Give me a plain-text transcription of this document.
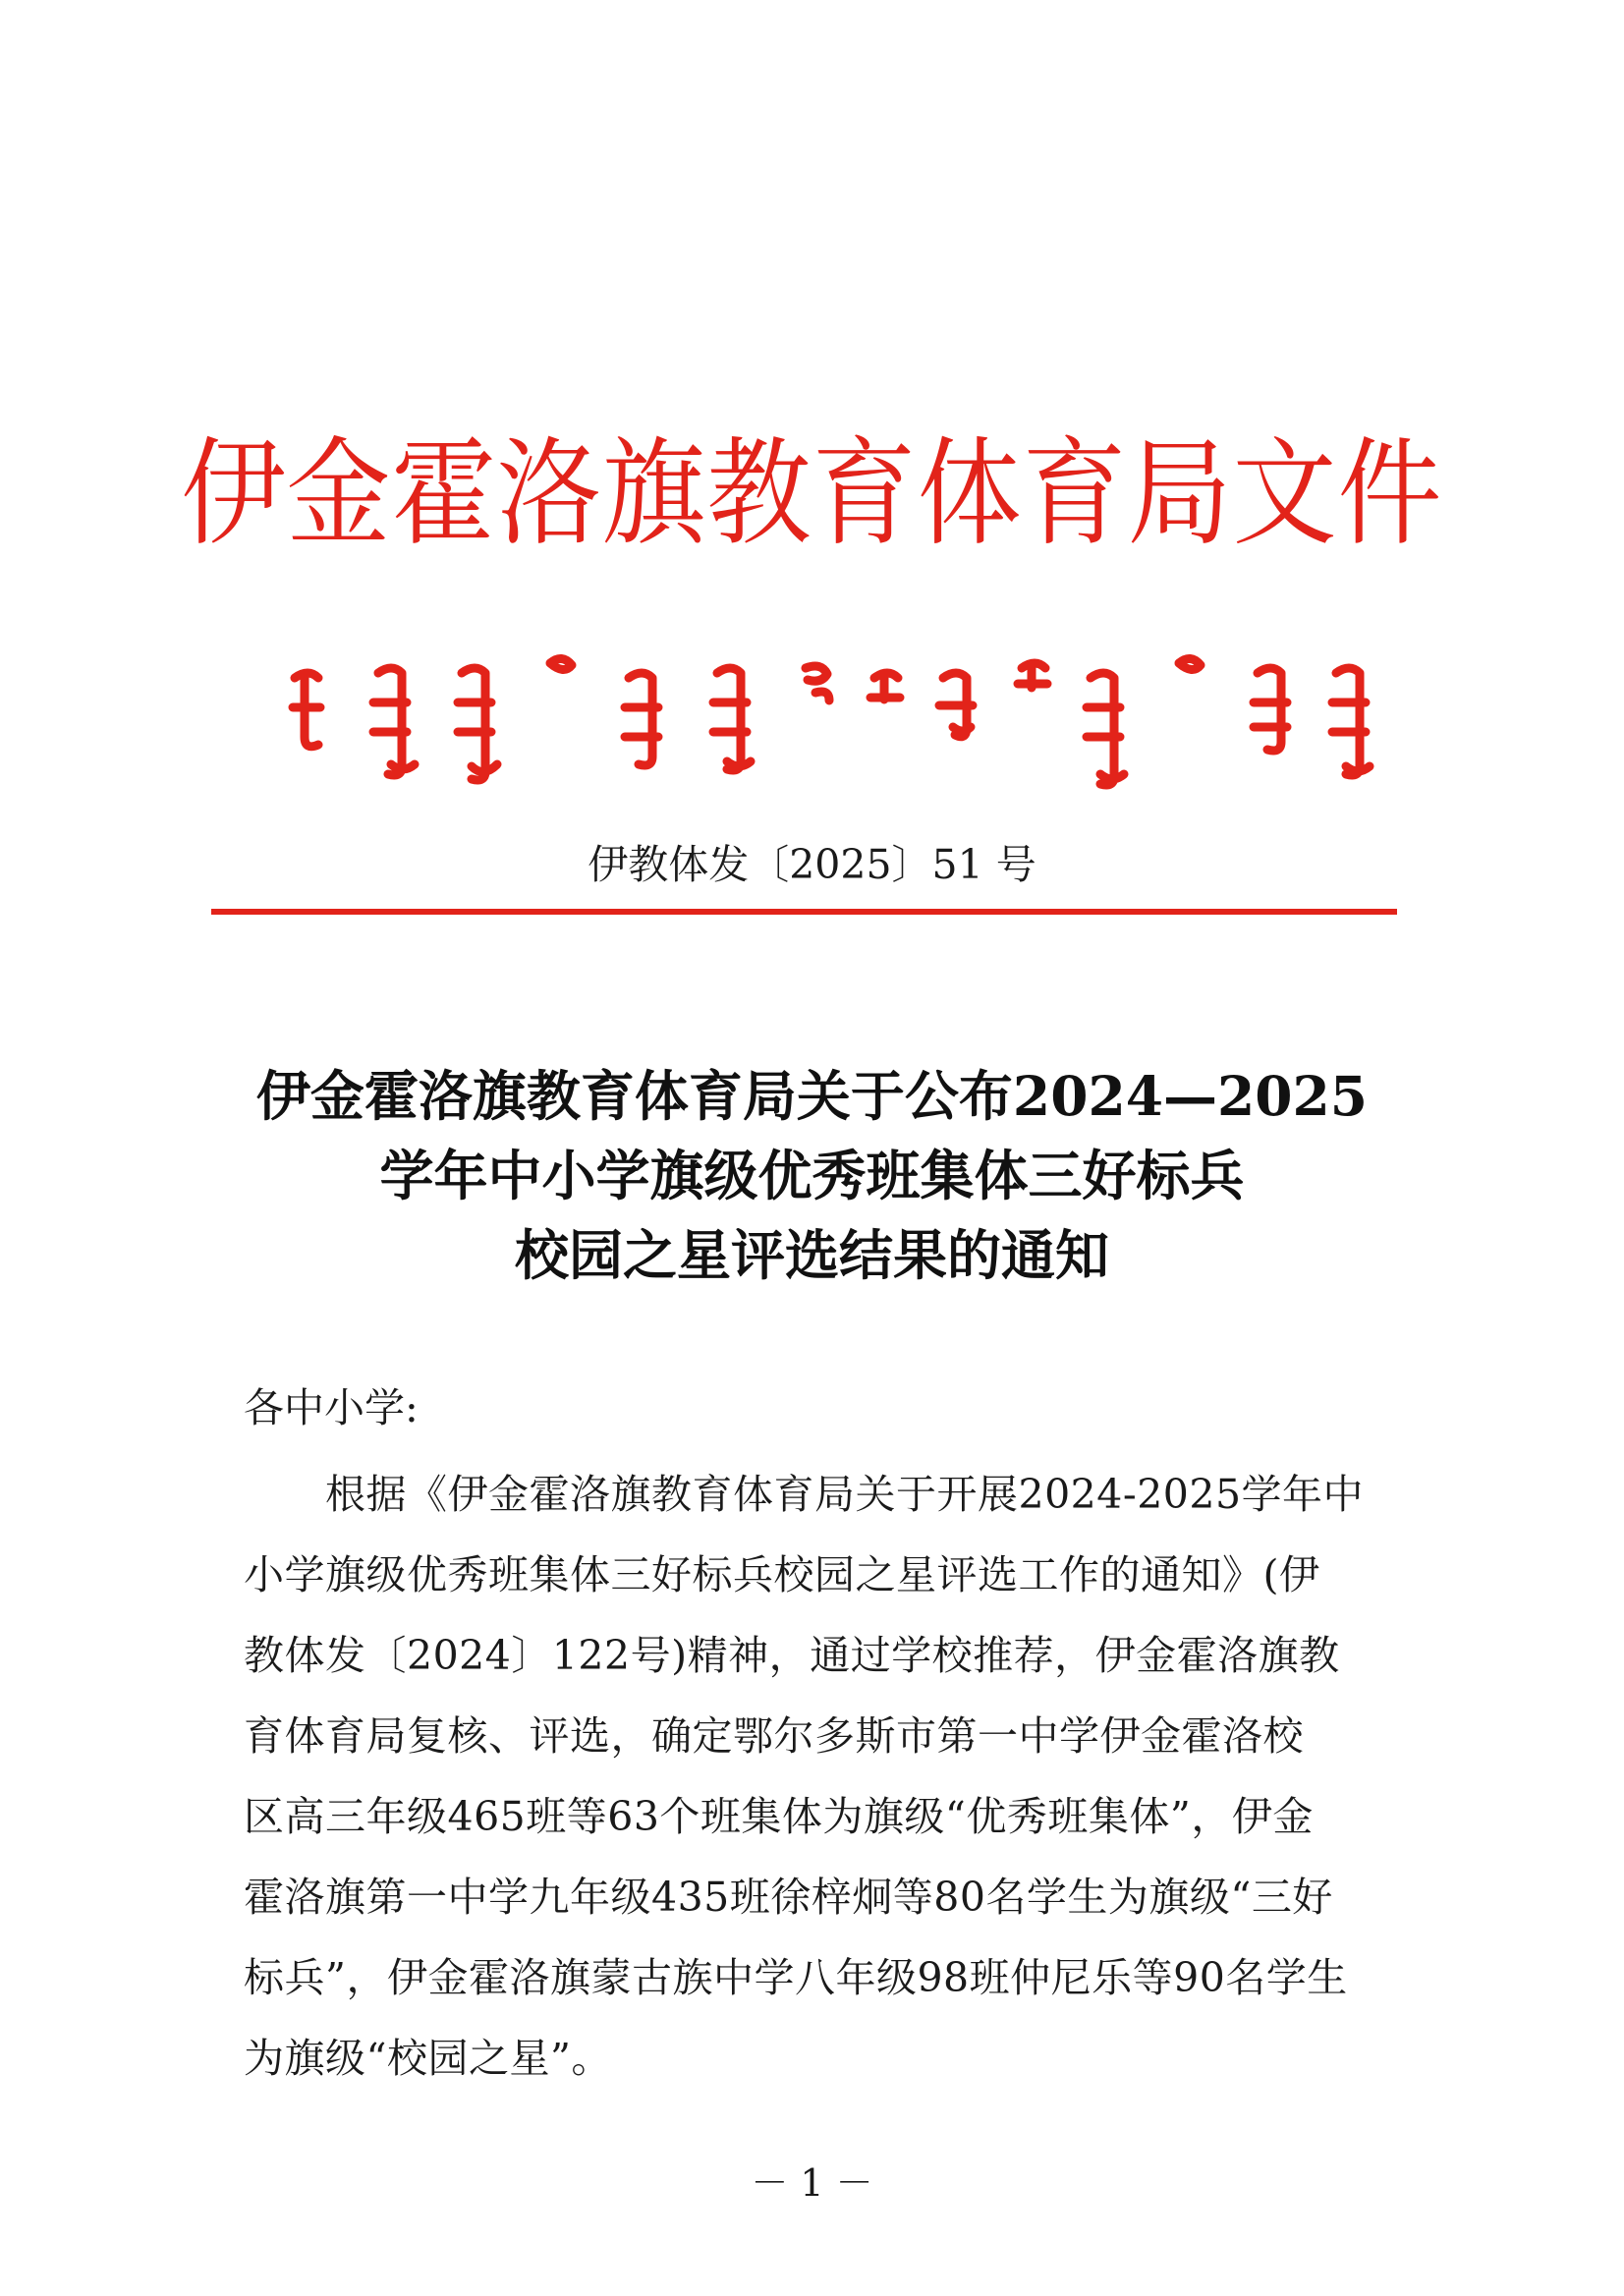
伊金霍洛旗教育体育局文件
伊教体发〔2025〕51 号
伊金霍洛旗教育体育局关于公布2024—2025
学年中小学旗级优秀班集体三好标兵
校园之星评选结果的通知
各中小学:
　　根据《伊金霍洛旗教育体育局关于开展2024-2025学年中
小学旗级优秀班集体三好标兵校园之星评选工作的通知》(伊
教体发〔2024〕122号)精神，通过学校推荐，伊金霍洛旗教
育体育局复核、评选，确定鄂尔多斯市第一中学伊金霍洛校
区高三年级465班等63个班集体为旗级“优秀班集体”，伊金
霍洛旗第一中学九年级435班徐梓炯等80名学生为旗级“三好
标兵”，伊金霍洛旗蒙古族中学八年级98班仲尼乐等90名学生
为旗级“校园之星”。
－ 1 －
